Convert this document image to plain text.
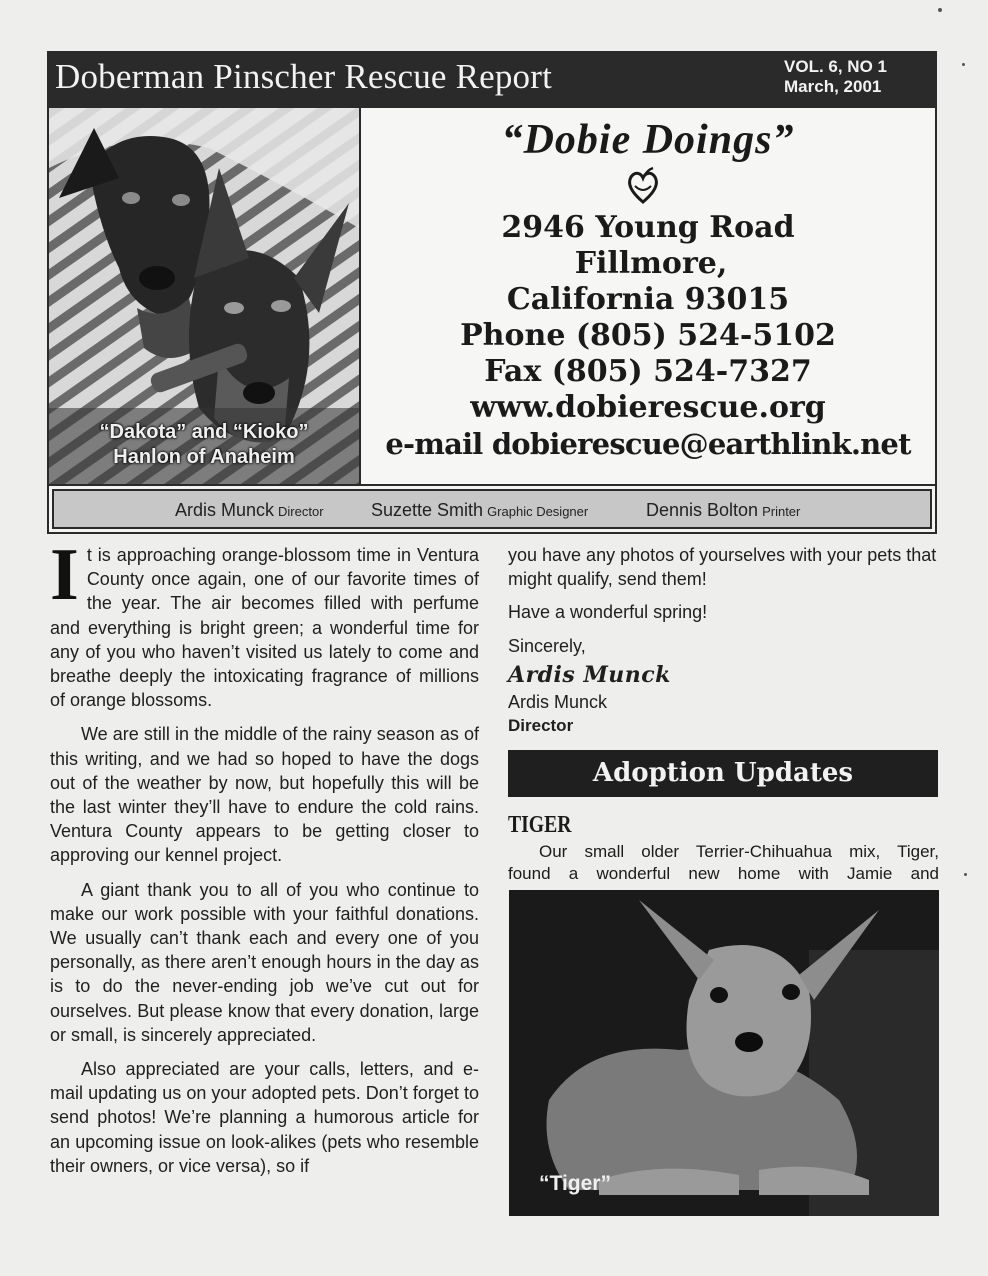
Doberman Pinscher Rescue Report	VOL. 6, NO 1
March, 2001
“Dakota” and “Kioko”
Hanlon of Anaheim
“Dobie Doings”
2946 Young Road
Fillmore,
California 93015
Phone (805) 524-5102
Fax (805) 524-7327
www.dobierescue.org
e-mail dobierescue@earthlink.net
Ardis Munck Director	Suzette Smith Graphic Designer	Dennis Bolton Printer

It is approaching orange-blossom time in Ventura County once again, one of our favorite times of the year. The air becomes filled with perfume and everything is bright green; a wonderful time for any of you who haven’t visited us lately to come and breathe deeply the intoxicating fragrance of millions of orange blossoms.

We are still in the middle of the rainy season as of this writing, and we had so hoped to have the dogs out of the weather by now, but hopefully this will be the last winter they’ll have to endure the cold rains. Ventura County appears to be getting closer to approving our kennel project.

A giant thank you to all of you who continue to make our work possible with your faithful donations. We usually can’t thank each and every one of you personally, as there aren’t enough hours in the day as is to do the never-ending job we’ve cut out for ourselves. But please know that every donation, large or small, is sincerely appreciated.

Also appreciated are your calls, letters, and e-mail updating us on your adopted pets. Don’t forget to send photos! We’re planning a humorous article for an upcoming issue on look-alikes (pets who resemble their owners, or vice versa), so if

you have any photos of yourselves with your pets that might qualify, send them!

Have a wonderful spring!

Sincerely,

Ardis Munck
Ardis Munck
Director
Adoption Updates
TIGER
Our small older Terrier-Chihuahua mix, Tiger,
found a wonderful new home with Jamie and
“Tiger”
